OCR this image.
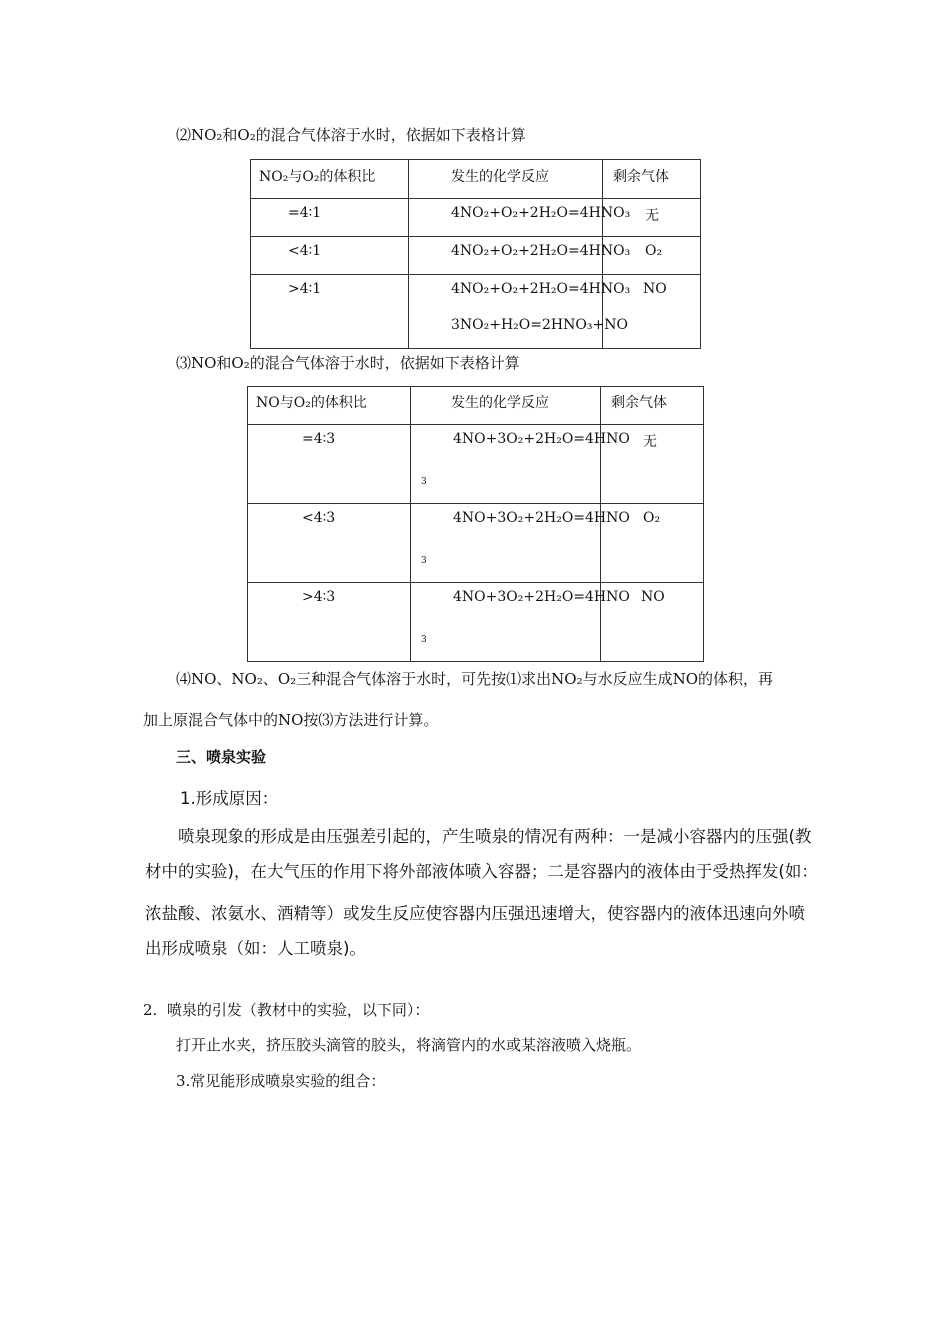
⑵NO₂和O₂的混合气体溶于水时，依据如下表格计算
NO₂与O₂的体积比	发生的化学反应	剩余气体

=4∶1	4NO₂+O₂+2H₂O=4HNO₃	无

<4∶1	4NO₂+O₂+2H₂O=4HNO₃	O₂

>4∶1	4NO₂+O₂+2H₂O=4HNO₃
3NO₂+H₂O=2HNO₃+NO	NO
⑶NO和O₂的混合气体溶于水时，依据如下表格计算
NO与O₂的体积比	发生的化学反应	剩余气体

=4∶3	4NO+3O₂+2H₂O=4HNO
3	无

<4∶3	4NO+3O₂+2H₂O=4HNO
3	O₂

>4∶3	4NO+3O₂+2H₂O=4HNO
3	NO
⑷NO、NO₂、O₂三种混合气体溶于水时，可先按⑴求出NO₂与水反应生成NO的体积，再
加上原混合气体中的NO按⑶方法进行计算。
三、喷泉实验
1.形成原因：
喷泉现象的形成是由压强差引起的，产生喷泉的情况有两种：一是减小容器内的压强(教
材中的实验)，在大气压的作用下将外部液体喷入容器；二是容器内的液体由于受热挥发(如：
浓盐酸、浓氨水、酒精等）或发生反应使容器内压强迅速增大，使容器内的液体迅速向外喷
出形成喷泉（如：人工喷泉)。
2.  喷泉的引发（教材中的实验，以下同）：
打开止水夹，挤压胶头滴管的胶头，将滴管内的水或某溶液喷入烧瓶。
3.常见能形成喷泉实验的组合：
